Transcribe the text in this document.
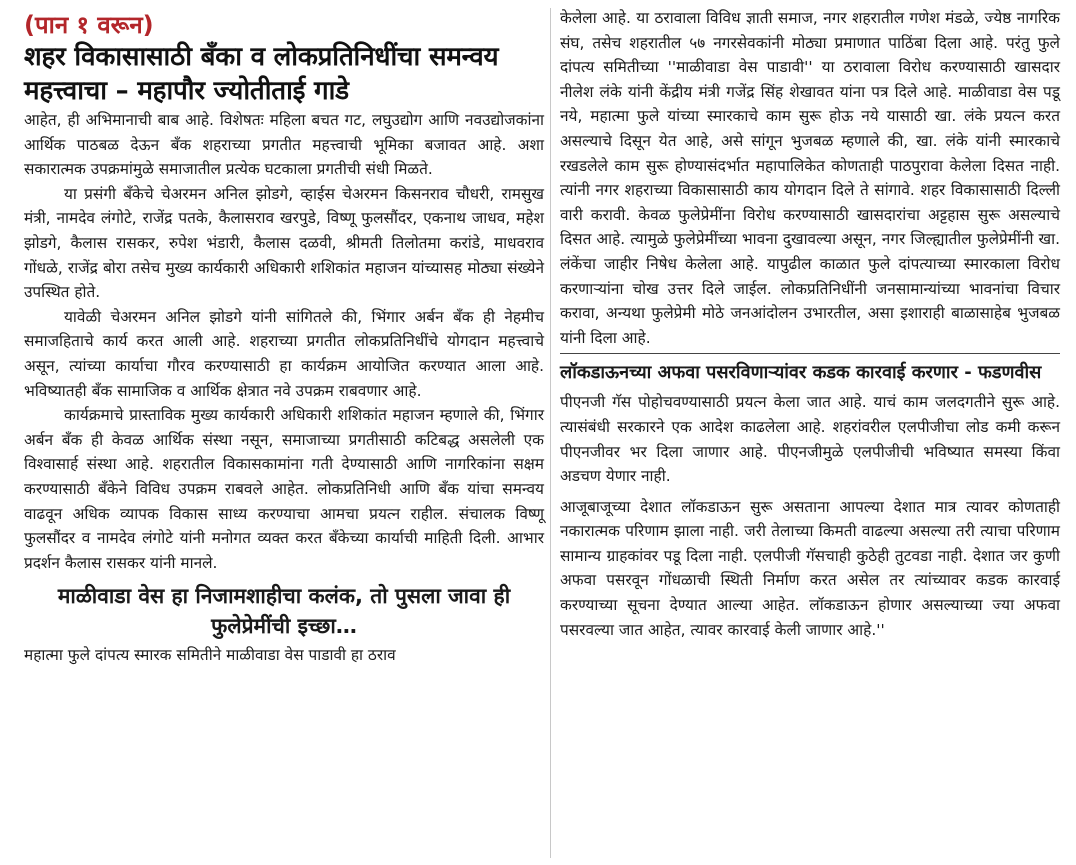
(पान १ वरून)
शहर विकासासाठी बँका व लोकप्रतिनिधींचा समन्वय महत्त्वाचा – महापौर ज्योतीताई गाडे

आहेत, ही अभिमानाची बाब आहे. विशेषतः महिला बचत गट, लघुउद्योग आणि नवउद्योजकांना आर्थिक पाठबळ देऊन बँक शहराच्या प्रगतीत महत्त्वाची भूमिका बजावत आहे. अशा सकारात्मक उपक्रमांमुळे समाजातील प्रत्येक घटकाला प्रगतीची संधी मिळते.

या प्रसंगी बँकेचे चेअरमन अनिल झोडगे, व्हाईस चेअरमन किसनराव चौधरी, रामसुख मंत्री, नामदेव लंगोटे, राजेंद्र पतके, कैलासराव खरपुडे, विष्णू फुलसौंदर, एकनाथ जाधव, महेश झोडगे, कैलास रासकर, रुपेश भंडारी, कैलास दळवी, श्रीमती तिलोतमा करांडे, माधवराव गोंधळे, राजेंद्र बोरा तसेच मुख्य कार्यकारी अधिकारी शशिकांत महाजन यांच्यासह मोठ्या संख्येने उपस्थित होते.

यावेळी चेअरमन अनिल झोडगे यांनी सांगितले की, भिंगार अर्बन बँक ही नेहमीच समाजहिताचे कार्य करत आली आहे. शहराच्या प्रगतीत लोकप्रतिनिधींचे योगदान महत्त्वाचे असून, त्यांच्या कार्याचा गौरव करण्यासाठी हा कार्यक्रम आयोजित करण्यात आला आहे. भविष्यातही बँक सामाजिक व आर्थिक क्षेत्रात नवे उपक्रम राबवणार आहे.

कार्यक्रमाचे प्रास्ताविक मुख्य कार्यकारी अधिकारी शशिकांत महाजन म्हणाले की, भिंगार अर्बन बँक ही केवळ आर्थिक संस्था नसून, समाजाच्या प्रगतीसाठी कटिबद्ध असलेली एक विश्वासार्ह संस्था आहे. शहरातील विकासकामांना गती देण्यासाठी आणि नागरिकांना सक्षम करण्यासाठी बँकेने विविध उपक्रम राबवले आहेत. लोकप्रतिनिधी आणि बँक यांचा समन्वय वाढवून अधिक व्यापक विकास साध्य करण्याचा आमचा प्रयत्न राहील. संचालक विष्णू फुलसौंदर व नामदेव लंगोटे यांनी मनोगत व्यक्त करत बँकेच्या कार्याची माहिती दिली. आभार प्रदर्शन कैलास रासकर यांनी मानले.

माळीवाडा वेस हा निजामशाहीचा कलंक, तो पुसला जावा ही फुलेप्रेमींची इच्छा…

महात्मा फुले दांपत्य स्मारक समितीने माळीवाडा वेस पाडावी हा ठराव

केलेला आहे. या ठरावाला विविध ज्ञाती समाज, नगर शहरातील गणेश मंडळे, ज्येष्ठ नागरिक संघ, तसेच शहरातील ५७ नगरसेवकांनी मोठ्या प्रमाणात पाठिंबा दिला आहे. परंतु फुले दांपत्य समितीच्या ''माळीवाडा वेस पाडावी'' या ठरावाला विरोध करण्यासाठी खासदार नीलेश लंके यांनी केंद्रीय मंत्री गजेंद्र सिंह शेखावत यांना पत्र दिले आहे. माळीवाडा वेस पडू नये, महात्मा फुले यांच्या स्मारकाचे काम सुरू होऊ नये यासाठी खा. लंके प्रयत्न करत असल्याचे दिसून येत आहे, असे सांगून भुजबळ म्हणाले की, खा. लंके यांनी स्मारकाचे रखडलेले काम सुरू होण्यासंदर्भात महापालिकेत कोणताही पाठपुरावा केलेला दिसत नाही. त्यांनी नगर शहराच्या विकासासाठी काय योगदान दिले ते सांगावे. शहर विकासासाठी दिल्ली वारी करावी. केवळ फुलेप्रेमींना विरोध करण्यासाठी खासदारांचा अट्टहास सुरू असल्याचे दिसत आहे. त्यामुळे फुलेप्रेमींच्या भावना दुखावल्या असून, नगर जिल्ह्यातील फुलेप्रेमींनी खा. लंकेंचा जाहीर निषेध केलेला आहे. यापुढील काळात फुले दांपत्याच्या स्मारकाला विरोध करणाऱ्यांना चोख उत्तर दिले जाईल. लोकप्रतिनिधींनी जनसामान्यांच्या भावनांचा विचार करावा, अन्यथा फुलेप्रेमी मोठे जनआंदोलन उभारतील, असा इशाराही बाळासाहेब भुजबळ यांनी दिला आहे.

लॉकडाऊनच्या अफवा पसरविणाऱ्यांवर कडक कारवाई करणार - फडणवीस

पीएनजी गॅस पोहोचवण्यासाठी प्रयत्न केला जात आहे. याचं काम जलदगतीने सुरू आहे. त्यासंबंधी सरकारने एक आदेश काढलेला आहे. शहरांवरील एलपीजीचा लोड कमी करून पीएनजीवर भर दिला जाणार आहे. पीएनजीमुळे एलपीजीची भविष्यात समस्या किंवा अडचण येणार नाही.

आजूबाजूच्या देशात लॉकडाऊन सुरू असताना आपल्या देशात मात्र त्यावर कोणताही नकारात्मक परिणाम झाला नाही. जरी तेलाच्या किमती वाढल्या असल्या तरी त्याचा परिणाम सामान्य ग्राहकांवर पडू दिला नाही. एलपीजी गॅसचाही कुठेही तुटवडा नाही. देशात जर कुणी अफवा पसरवून गोंधळाची स्थिती निर्माण करत असेल तर त्यांच्यावर कडक कारवाई करण्याच्या सूचना देण्यात आल्या आहेत. लॉकडाऊन होणार असल्याच्या ज्या अफवा पसरवल्या जात आहेत, त्यावर कारवाई केली जाणार आहे.''
